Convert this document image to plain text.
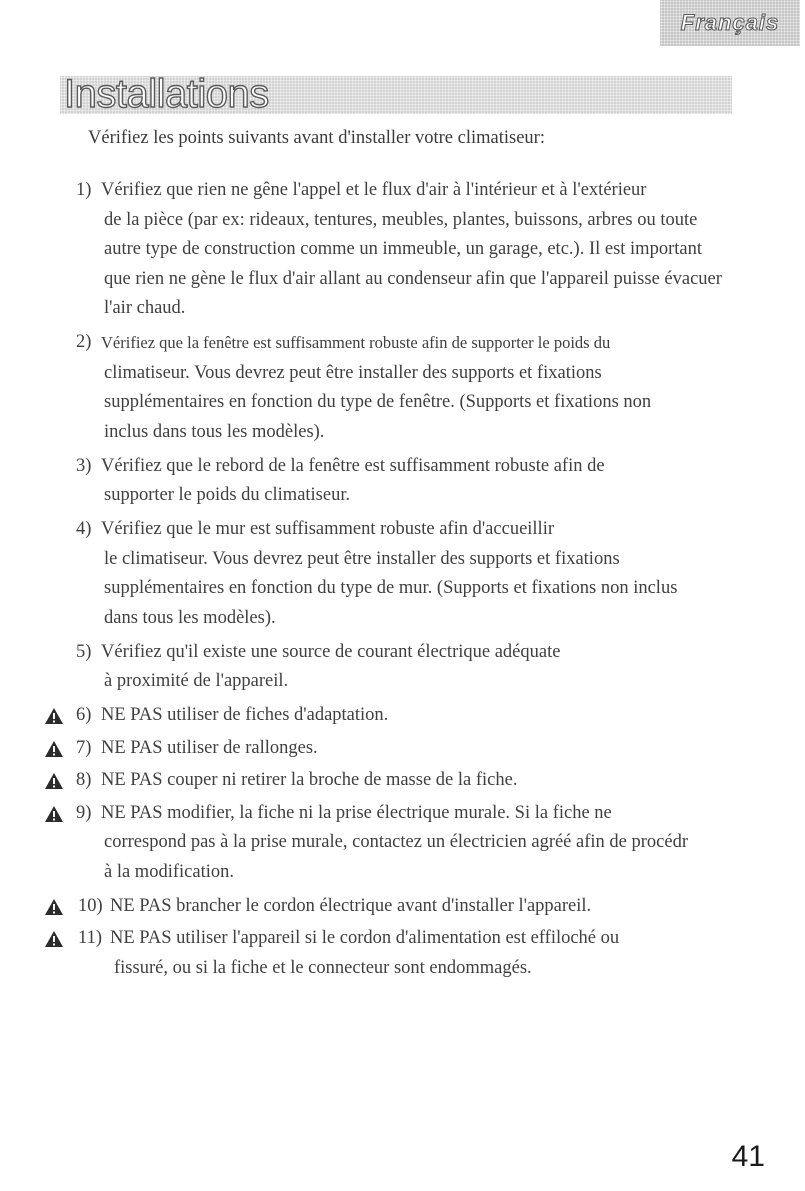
Français
Installations

Vérifiez les points suivants avant d'installer votre climatiseur:

1) Vérifiez que rien ne gêne l'appel et le flux d'air à l'intérieur et à l'extérieur
de la pièce (par ex: rideaux, tentures, meubles, plantes, buissons, arbres ou toute autre type de construction comme un immeuble, un garage, etc.). Il est important que rien ne gène le flux d'air allant au condenseur afin que l'appareil puisse évacuer l'air chaud.
2) Vérifiez que la fenêtre est suffisamment robuste afin de supporter le poids du
climatiseur. Vous devrez peut être installer des supports et fixations supplémentaires en fonction du type de fenêtre. (Supports et fixations non inclus dans tous les modèles).
3) Vérifiez que le rebord de la fenêtre est suffisamment robuste afin de
supporter le poids du climatiseur.
4) Vérifiez que le mur est suffisamment robuste afin d'accueillir
le climatiseur. Vous devrez peut être installer des supports et fixations supplémentaires en fonction du type de mur. (Supports et fixations non inclus dans tous les modèles).
5) Vérifiez qu'il existe une source de courant électrique adéquate
à proximité de l'appareil.
6) NE PAS utiliser de fiches d'adaptation.
7) NE PAS utiliser de rallonges.
8) NE PAS couper ni retirer la broche de masse de la fiche.
9) NE PAS modifier, la fiche ni la prise électrique murale. Si la fiche ne
correspond pas à la prise murale, contactez un électricien agréé afin de procédr à la modification.
10) NE PAS brancher le cordon électrique avant d'installer l'appareil.
11) NE PAS utiliser l'appareil si le cordon d'alimentation est effiloché ou
fissuré, ou si la fiche et le connecteur sont endommagés.
41
